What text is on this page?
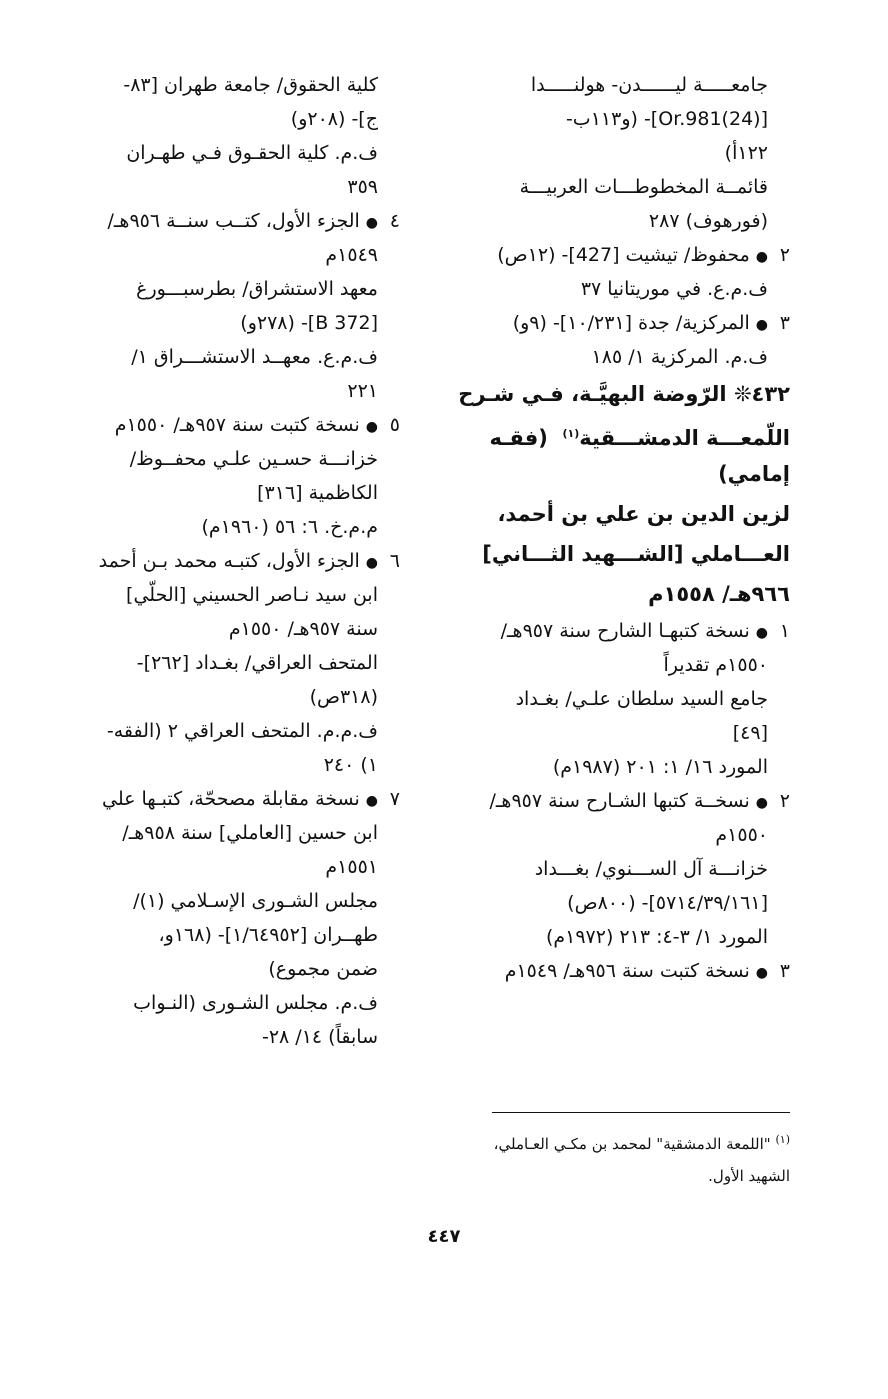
جامعـــــة ليــــــدن- هولنـــــدا
[Or.981(24)]- (و١١٣ب-
١٢٢أ)
قائمــة المخطوطـــات العربيـــة
(فورهوف) ٢٨٧
٢●محفوظ/ تيشيت [427]- (١٢ص)
ف.م.ع. في موريتانيا ٣٧
٣●المركزية/ جدة [١٠/٢٣١]- (٩و)
ف.م. المركزية ١/ ١٨٥
٤٣٢❊ الرّوضة البهيَّـة، فـي شـرح
اللّمعـــة الدمشـــقية$^{(١)}$  (فقـه
إمامي)
لزين الدين بن علي بن أحمد،
العـــاملي [الشـــهيد الثـــاني]
٩٦٦هـ/ ١٥٥٨م
١●نسخة كتبهـا الشارح سنة ٩٥٧هـ/
١٥٥٠م تقديراً
جامع السيد سلطان علـي/ بغـداد
[٤٩]
المورد ١٦/ ١: ٢٠١ (١٩٨٧م)
٢●نسخــة كتبها الشـارح سنة ٩٥٧هـ/
١٥٥٠م
خزانـــة آل الســـنوي/ بغـــداد
[٥٧١٤/٣٩/١٦١]- (٨٠٠ص)
المورد ١/ ٣-٤: ٢١٣ (١٩٧٢م)
٣●نسخة كتبت سنة ٩٥٦هـ/ ١٥٤٩م
كلية الحقوق/ جامعة طهران [٨٣-
ج]- (٢٠٨و)
ف.م. كلية الحقـوق فـي طهـران
٣٥٩
٤●الجزء الأول، كتــب سنــة ٩٥٦هـ/
١٥٤٩م
معهد الاستشراق/ بطرسبـــورغ
[B 372]- (٢٧٨و)
ف.م.ع. معهــد الاستشـــراق ١/
٢٢١
٥●نسخة كتبت سنة ٩٥٧هـ/ ١٥٥٠م
خزانـــة حسـين علـي محفــوظ/
الكاظمية [٣١٦]
م.م.خ. ٦: ٥٦ (١٩٦٠م)
٦●الجزء الأول، كتبـه محمد بـن أحمد
ابن سيد نـاصر الحسيني [الحلّي]
سنة ٩٥٧هـ/ ١٥٥٠م
المتحف العراقي/ بغـداد [٢٦٢]-
(٣١٨ص)
ف.م.م. المتحف العراقي ٢ (الفقه-
١) ٢٤٠
٧●نسخة مقابلة مصححّة، كتبـها علي
ابن حسين [العاملي] سنة ٩٥٨هـ/
١٥٥١م
مجلس الشـورى الإسـلامي (١)/
طهــران [١/٦٤٩٥٢]- (١٦٨و،
ضمن مجموع)
ف.م. مجلس الشـورى (النـواب
سابقاً) ١٤/ ٢٨-
$^{(١)}$ "اللمعة الدمشقية" لمحمد بن مكـي العـاملي،
الشهيد الأول.
٤٤٧
